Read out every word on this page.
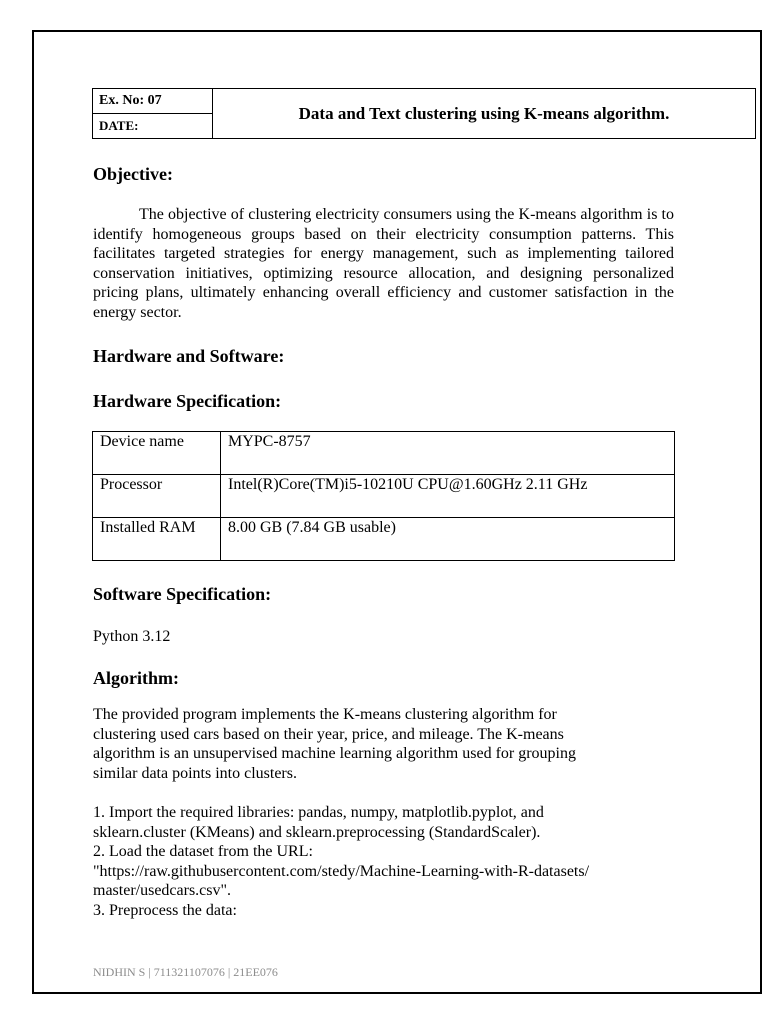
Ex. No: 07	Data and Text clustering using K-means algorithm.
DATE:
Objective:

The objective of clustering electricity consumers using the K-means algorithm is to identify homogeneous groups based on their electricity consumption patterns. This facilitates targeted strategies for energy management, such as implementing tailored conservation initiatives, optimizing resource allocation, and designing personalized pricing plans, ultimately enhancing overall efficiency and customer satisfaction in the energy sector.

Hardware and Software:
Hardware Specification:
Device name	MYPC-8757
Processor	Intel(R)Core(TM)i5-10210U CPU@1.60GHz 2.11 GHz
Installed RAM	8.00 GB (7.84 GB usable)
Software Specification:

Python 3.12

Algorithm:
The provided program implements the K-means clustering algorithm for
clustering used cars based on their year, price, and mileage. The K-means
algorithm is an unsupervised machine learning algorithm used for grouping
similar data points into clusters.
1. Import the required libraries: pandas, numpy, matplotlib.pyplot, and
sklearn.cluster (KMeans) and sklearn.preprocessing (StandardScaler).
2. Load the dataset from the URL:
"https://raw.githubusercontent.com/stedy/Machine-Learning-with-R-datasets/
master/usedcars.csv".
3. Preprocess the data:
NIDHIN S | 711321107076 | 21EE076
